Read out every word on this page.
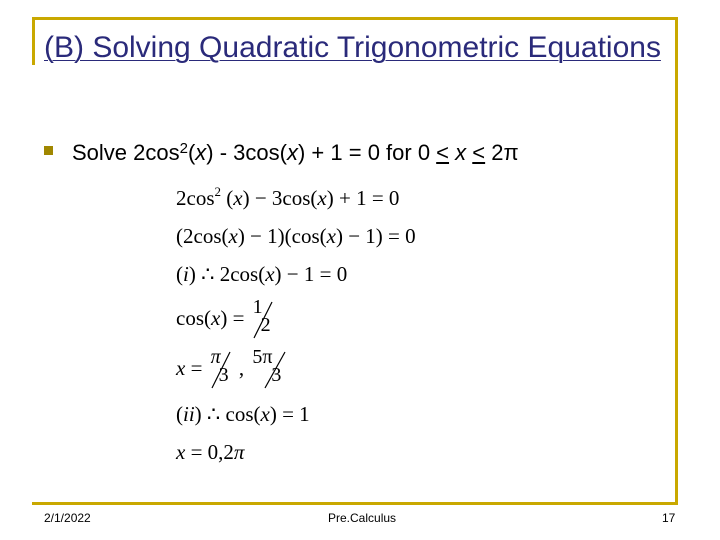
(B) Solving Quadratic Trigonometric Equations
Solve $2\cos^2(x) - 3\cos(x) + 1 = 0$ for 0 < x < 2π
$2\cos^2$ (x) − 3cos(x) + 1 = 0
(2cos(x) − 1)(cos(x) − 1) = 0
(i) ∴ 2cos(x) − 1 = 0
cos(x) = 1
2
x = π
3 , 5π
3
(ii) ∴ cos(x) = 1
x = 0,2π
2/1/2022	Pre.Calculus	17
